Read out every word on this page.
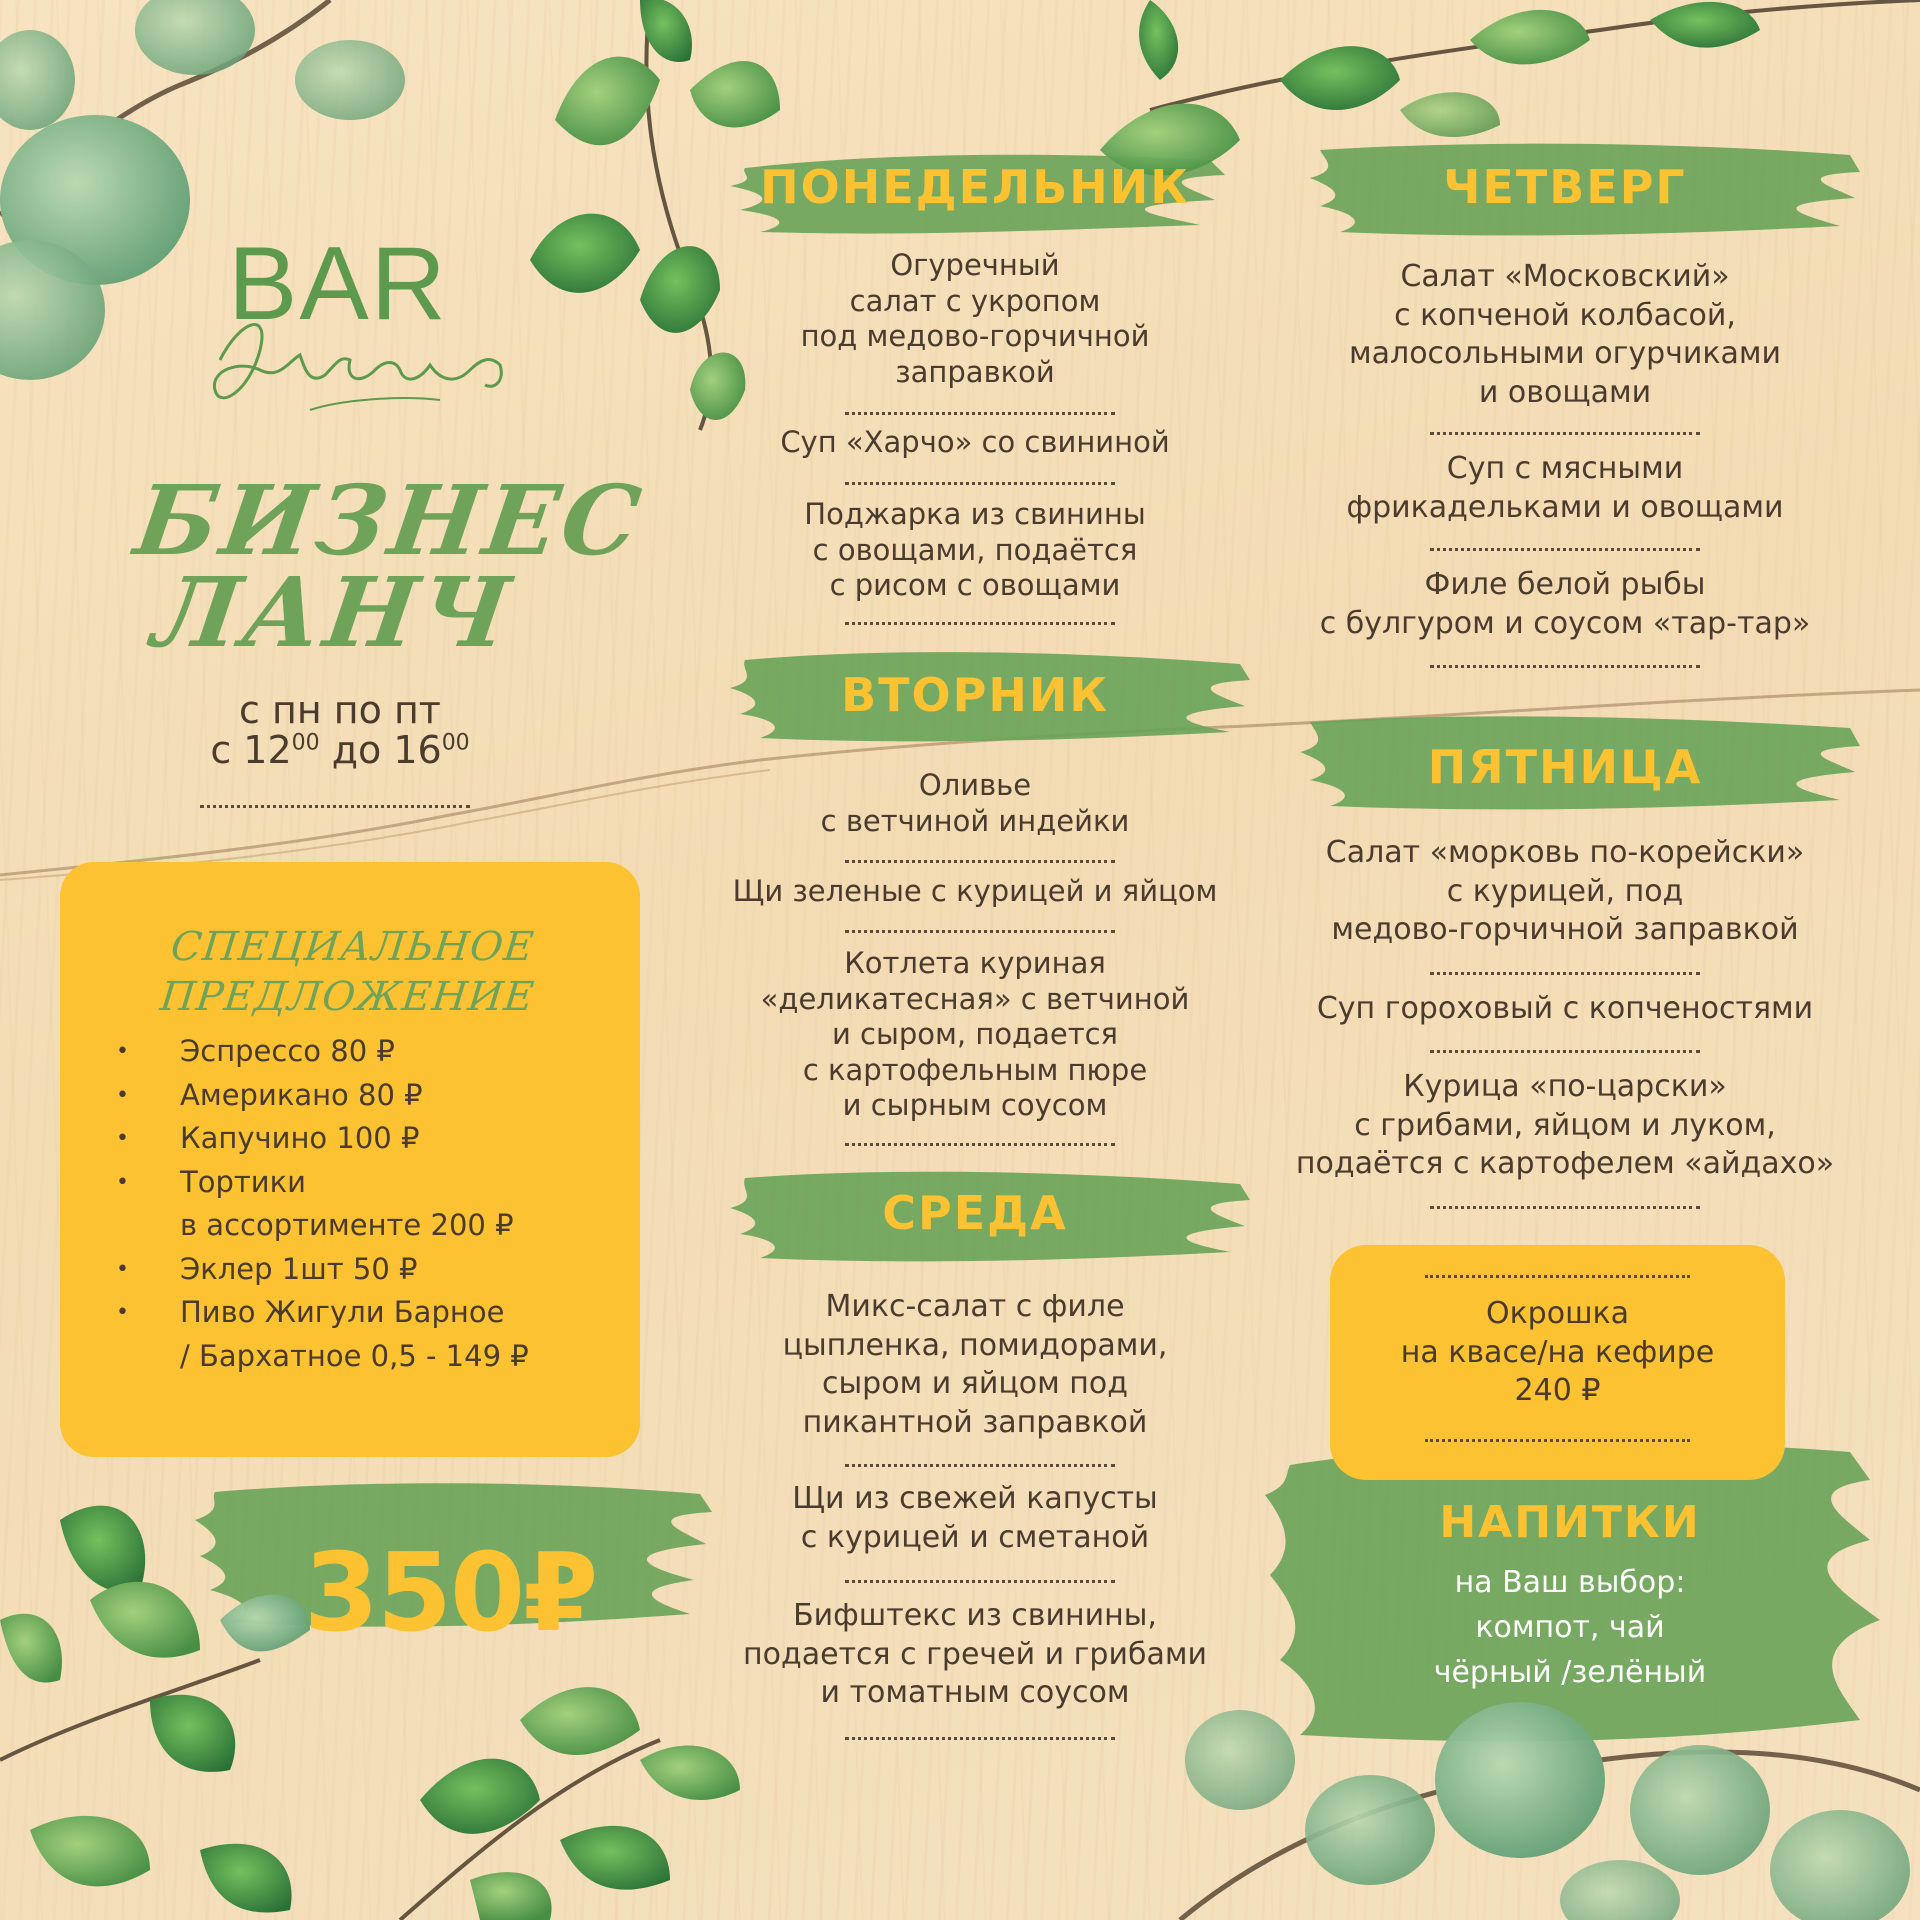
BAR
БИЗНЕС
ЛАНЧ
с пн по пт
с $12^{00}$ до $16^{00}$
СПЕЦИАЛЬНОЕ
ПРЕДЛОЖЕНИЕ
• Эспрессо 80 ₽
• Американо 80 ₽
• Капучино 100 ₽
• Тортики
в ассортименте 200 ₽
• Эклер 1шт 50 ₽
• Пиво Жигули Барное
/ Бархатное 0,5 - 149 ₽
350₽
ПОНЕДЕЛЬНИК
Огуречный
салат с укропом
под медово-горчичной
заправкой
Суп «Харчо» со свининой
Поджарка из свинины
с овощами, подаётся
с рисом с овощами
ВТОРНИК
Оливье
с ветчиной индейки
Щи зеленые с курицей и яйцом
Котлета куриная
«деликатесная» с ветчиной
и сыром, подается
с картофельным пюре
и сырным соусом
СРЕДА
Микс-салат с филе
цыпленка, помидорами,
сыром и яйцом под
пикантной заправкой
Щи из свежей капусты
с курицей и сметаной
Бифштекс из свинины,
подается с гречей и грибами
и томатным соусом
ЧЕТВЕРГ
Салат «Московский»
с копченой колбасой,
малосольными огурчиками
и овощами
Суп с мясными
фрикадельками и овощами
Филе белой рыбы
с булгуром и соусом «тар-тар»
ПЯТНИЦА
Салат «морковь по-корейски»
с курицей, под
медово-горчичной заправкой
Суп гороховый с копченостями
Курица «по-царски»
с грибами, яйцом и луком,
подаётся с картофелем «айдахо»
Окрошка
на квасе/на кефире
240 ₽
НАПИТКИ
на Ваш выбор:
компот, чай
чёрный /зелёный
